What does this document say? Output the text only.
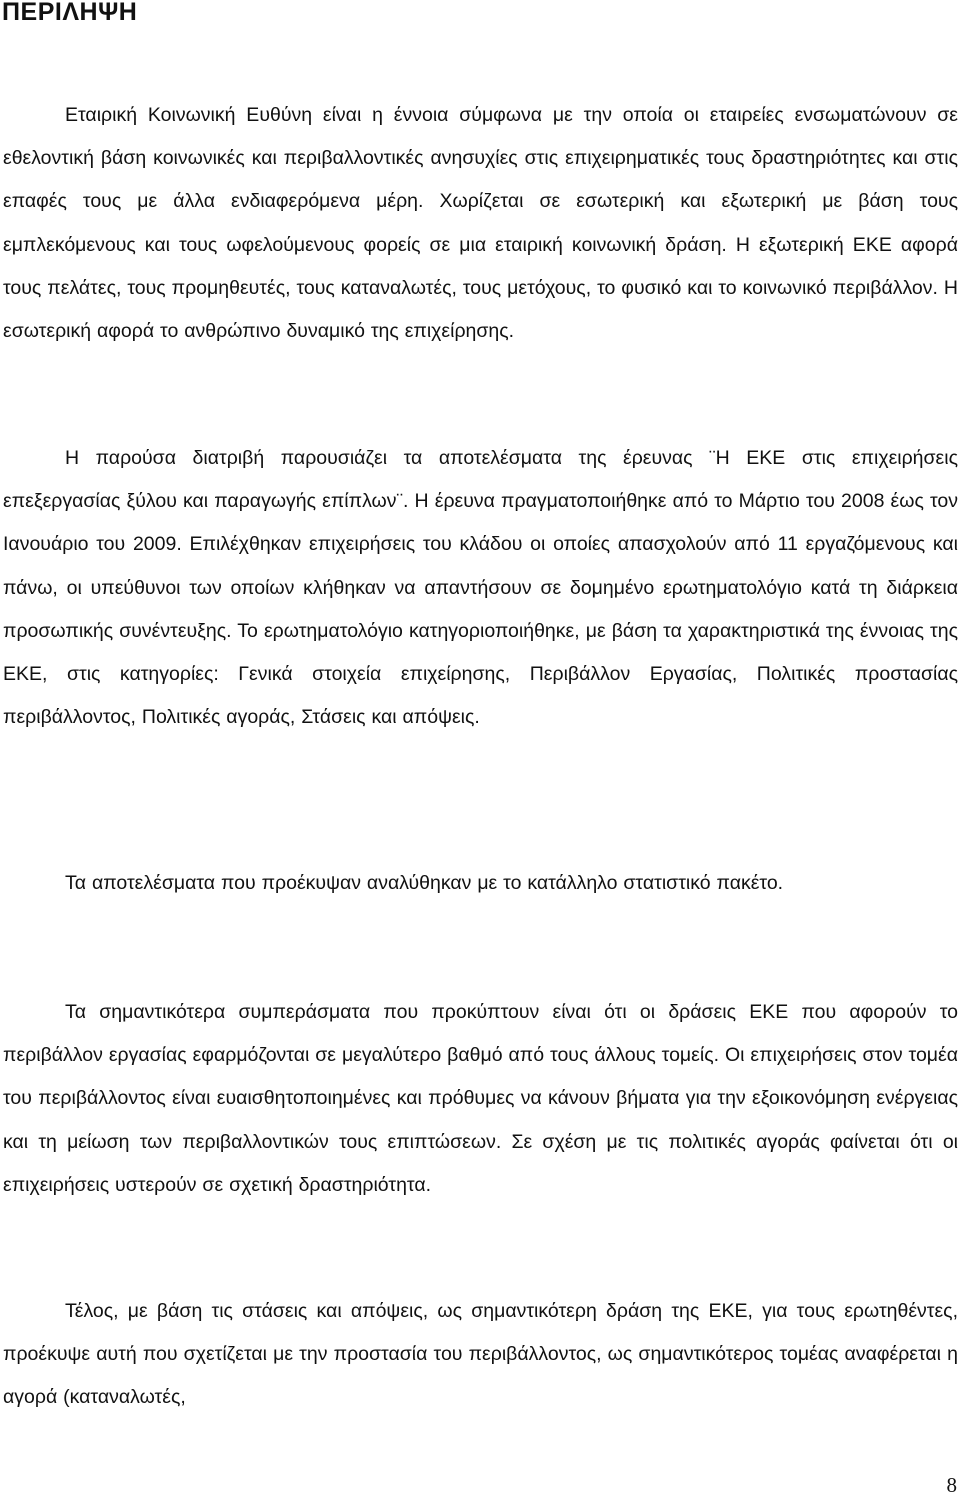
ΠΕΡΙΛΗΨΗ

Εταιρική Κοινωνική Ευθύνη είναι η έννοια σύμφωνα με την οποία οι εταιρείες ενσωματώνουν σε εθελοντική βάση κοινωνικές και περιβαλλοντικές ανησυχίες στις επιχειρηματικές τους δραστηριότητες και στις επαφές τους με άλλα ενδιαφερόμενα μέρη. Χωρίζεται σε εσωτερική και εξωτερική με βάση τους εμπλεκόμενους και τους ωφελούμενους φορείς σε μια εταιρική κοινωνική δράση. Η εξωτερική ΕΚΕ αφορά τους πελάτες, τους προμηθευτές, τους καταναλωτές, τους μετόχους, το φυσικό και το κοινωνικό περιβάλλον. Η εσωτερική αφορά το ανθρώπινο δυναμικό της επιχείρησης.

Η παρούσα διατριβή παρουσιάζει τα αποτελέσματα της έρευνας ¨Η ΕΚΕ στις επιχειρήσεις επεξεργασίας ξύλου και παραγωγής επίπλων¨. Η έρευνα πραγματοποιήθηκε από το Μάρτιο του 2008 έως τον Ιανουάριο του 2009. Επιλέχθηκαν επιχειρήσεις του κλάδου οι οποίες απασχολούν από 11 εργαζόμενους και πάνω, οι υπεύθυνοι των οποίων κλήθηκαν να απαντήσουν σε δομημένο ερωτηματολόγιο κατά τη διάρκεια προσωπικής συνέντευξης. Το ερωτηματολόγιο κατηγοριοποιήθηκε, με βάση τα χαρακτηριστικά της έννοιας της ΕΚΕ, στις κατηγορίες: Γενικά στοιχεία επιχείρησης, Περιβάλλον Εργασίας, Πολιτικές προστασίας περιβάλλοντος, Πολιτικές αγοράς, Στάσεις και απόψεις.

Τα αποτελέσματα που προέκυψαν αναλύθηκαν με το κατάλληλο στατιστικό πακέτο.

Τα σημαντικότερα συμπεράσματα που προκύπτουν είναι ότι οι δράσεις ΕΚΕ που αφορούν το περιβάλλον εργασίας εφαρμόζονται σε μεγαλύτερο βαθμό από τους άλλους τομείς. Οι επιχειρήσεις στον τομέα του περιβάλλοντος είναι ευαισθητοποιημένες και πρόθυμες να κάνουν βήματα για την εξοικονόμηση ενέργειας και τη μείωση των περιβαλλοντικών τους επιπτώσεων. Σε σχέση με τις πολιτικές αγοράς φαίνεται ότι οι επιχειρήσεις υστερούν σε σχετική δραστηριότητα.

Τέλος, με βάση τις στάσεις και απόψεις, ως σημαντικότερη δράση της ΕΚΕ, για τους ερωτηθέντες, προέκυψε αυτή που σχετίζεται με την προστασία του περιβάλλοντος, ως σημαντικότερος τομέας αναφέρεται η αγορά (καταναλωτές,

8
